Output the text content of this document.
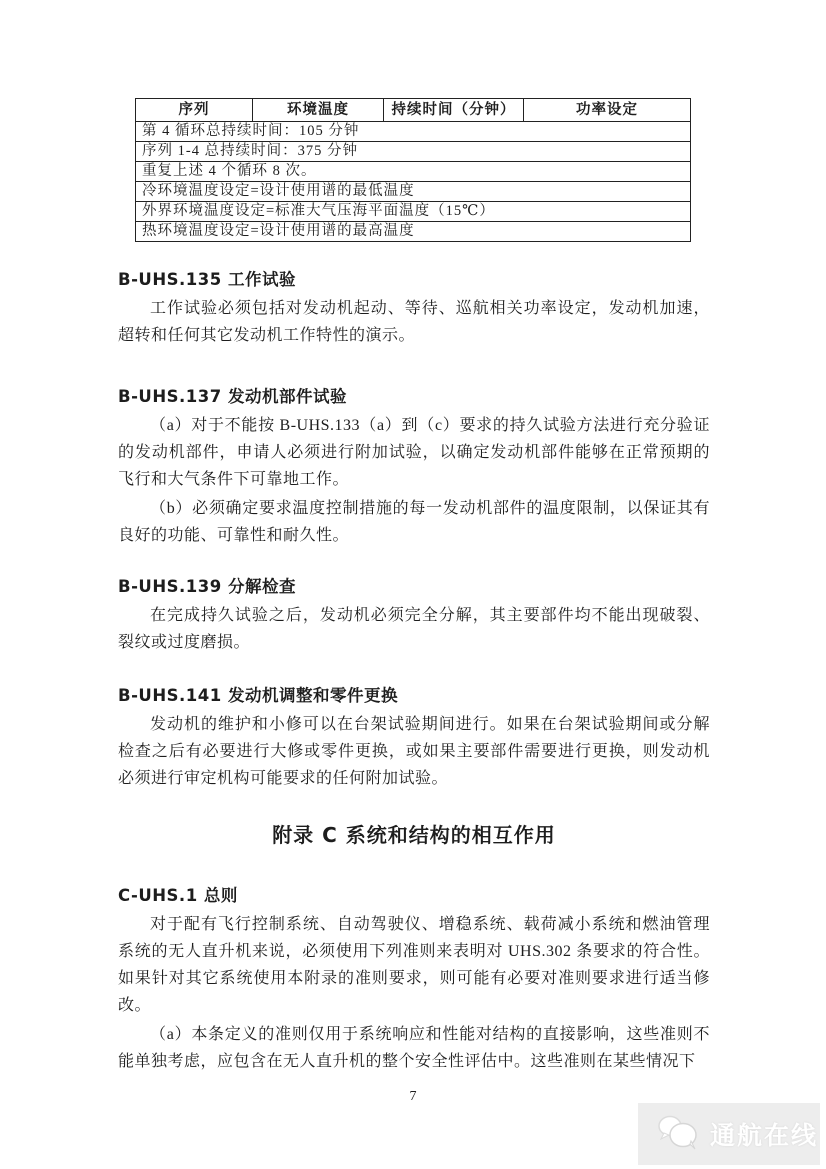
序列	环境温度	持续时间（分钟）	功率设定
第 4 循环总持续时间：105 分钟
序列 1-4 总持续时间：375 分钟
重复上述 4 个循环 8 次。
冷环境温度设定=设计使用谱的最低温度
外界环境温度设定=标准大气压海平面温度（15℃）
热环境温度设定=设计使用谱的最高温度
B-UHS.135 工作试验

工作试验必须包括对发动机起动、等待、巡航相关功率设定，发动机加速，超转和任何其它发动机工作特性的演示。

B-UHS.137 发动机部件试验

（a）对于不能按 B-UHS.133（a）到（c）要求的持久试验方法进行充分验证的发动机部件，申请人必须进行附加试验，以确定发动机部件能够在正常预期的飞行和大气条件下可靠地工作。

（b）必须确定要求温度控制措施的每一发动机部件的温度限制，以保证其有良好的功能、可靠性和耐久性。

B-UHS.139 分解检查

在完成持久试验之后，发动机必须完全分解，其主要部件均不能出现破裂、裂纹或过度磨损。

B-UHS.141 发动机调整和零件更换

发动机的维护和小修可以在台架试验期间进行。如果在台架试验期间或分解检查之后有必要进行大修或零件更换，或如果主要部件需要进行更换，则发动机必须进行审定机构可能要求的任何附加试验。

附录 C 系统和结构的相互作用
C-UHS.1 总则

对于配有飞行控制系统、自动驾驶仪、增稳系统、载荷减小系统和燃油管理系统的无人直升机来说，必须使用下列准则来表明对 UHS.302 条要求的符合性。如果针对其它系统使用本附录的准则要求，则可能有必要对准则要求进行适当修改。

（a）本条定义的准则仅用于系统响应和性能对结构的直接影响，这些准则不能单独考虑，应包含在无人直升机的整个安全性评估中。这些准则在某些情况下

7
通航在线
